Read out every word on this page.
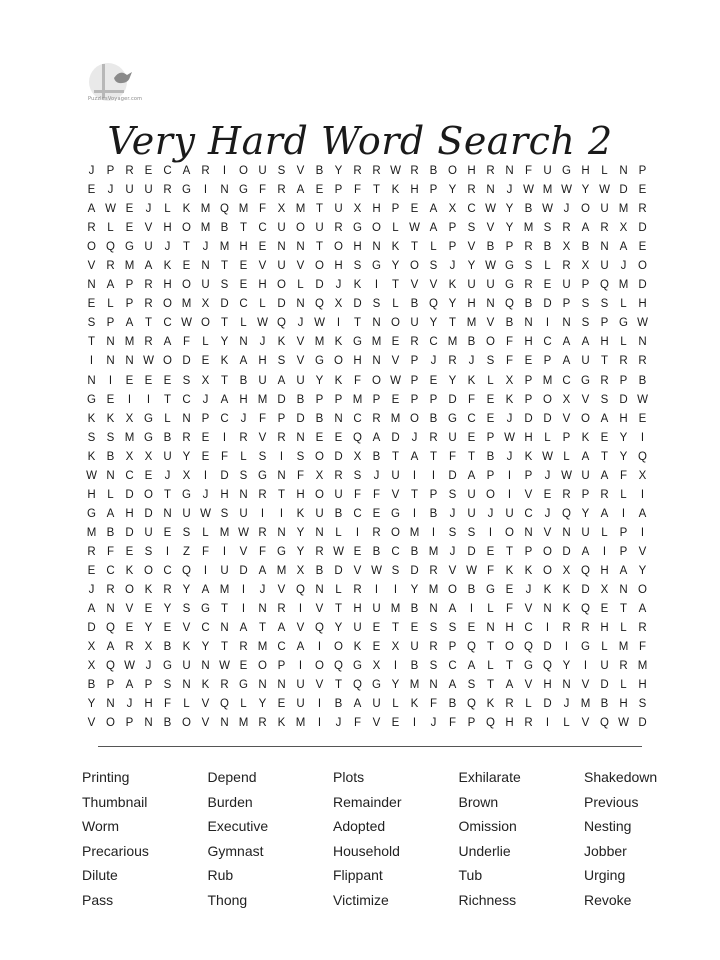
PuzzlesVoyager.com
Very Hard Word Search 2
J	P R E C A R	I	O U S V B Y R R W R B O H R N F U G H	L	N P
E	J	U U R G	I	N G F R A E P	F	T	K H P Y R N	J W M W Y W D E
A W E	J	L	K M Q M F	X M T U X H P E A X C W Y B W J	O U M R
R	L	E V H O M B	T C U O U R G O L W A P S V Y M S R A R X D
O Q G U	J	T	J M H E N N T O H N K	T	L	P V B P R B X B N A E
V R M A K E N T	E V U V O H S G Y O S	J	Y W G S	L	R X U	J	O
N A P R H O U S E H O L	D	J	K	I	T	V V K U U G R E U P Q M D
E	L	P R O M X D C	L	D N Q X D S	L	B Q Y H N Q B D P S S	L	H
S P A	T C W O T	L W Q	J W	I	T N O U Y	T M V B N	I	N S P G W
T N M R A	F	L	Y N	J	K V M K G M E R C M B O F H C A A H	L	N
I	N N W O D E K A H S V G O H N V P	J	R	J	S	F	E P A U T R R
N	I	E E E S X	T	B U A U Y K	F O W P E Y K	L	X P M C G R P B
G E	I	I	T C	J	A H M D B P P M P E P P D F	E K P O X V S D W
K K X G L	N P C	J	F	P D B N C R M O B G C E	J	D D V O A H E
S S M G B R E	I	R V R N E E Q A D	J	R U E P W H	L	P K E Y	I
K B X X U Y E	F	L	S	I	S O D X B	T	A	T	F	T	B	J	K W L	A	T	Y Q
W N C E	J	X	I	D S G N F	X R S	J	U	I	I	D A P	I	P	J W U A	F	X
H	L	D O T G	J	H N R T H O U F	F	V	T	P S U O	I	V E R P R	L	I
G A H D N U W S U	I	I	K U B C E G	I	B	J	U	J	U C	J	Q Y A	I	A
M B D U E S	L M W R N Y N	L	I	R O M	I	S S	I	O N V N U	L	P	I
R F	E S	I	Z	F	I	V	F G Y R W E B C B M J	D E	T	P O D A	I	P V
E C K O C Q	I	U D A M X B D V W S D R V W F	K K O X Q H A Y
J	R O K R Y A M	I	J	V Q N	L	R	I	I	Y M O B G E	J	K K D X N O
A N V E Y S G T	I	N R	I	V	T H U M B N A	I	L	F	V N K Q E	T	A
D Q E Y E V C N A	T	A V Q Y U E	T	E S S E N H C	I	R R H	L	R
X A R X B K Y	T R M C A	I	O K E X U R P Q T O Q D	I	G L M F
X Q W J	G U N W E O P	I	O Q G X	I	B S C A	L	T G Q Y	I	U R M
B P A P S N K R G N N U V	T Q G Y M N A S	T	A V H N V D	L	H
Y N	J	H F	L	V Q L	Y E U	I	B A U	L	K	F	B Q K R	L	D	J M B H S
V O P N B O V N M R K M	I	J	F	V E	I	J	F	P Q H R	I	L	V Q W D
Printing	Depend	Plots	Exhilarate	Shakedown
Thumbnail	Burden	Remainder	Brown	Previous
Worm	Executive	Adopted	Omission	Nesting
Precarious	Gymnast	Household	Underlie	Jobber
Dilute	Rub	Flippant	Tub	Urging
Pass	Thong	Victimize	Richness	Revoke
